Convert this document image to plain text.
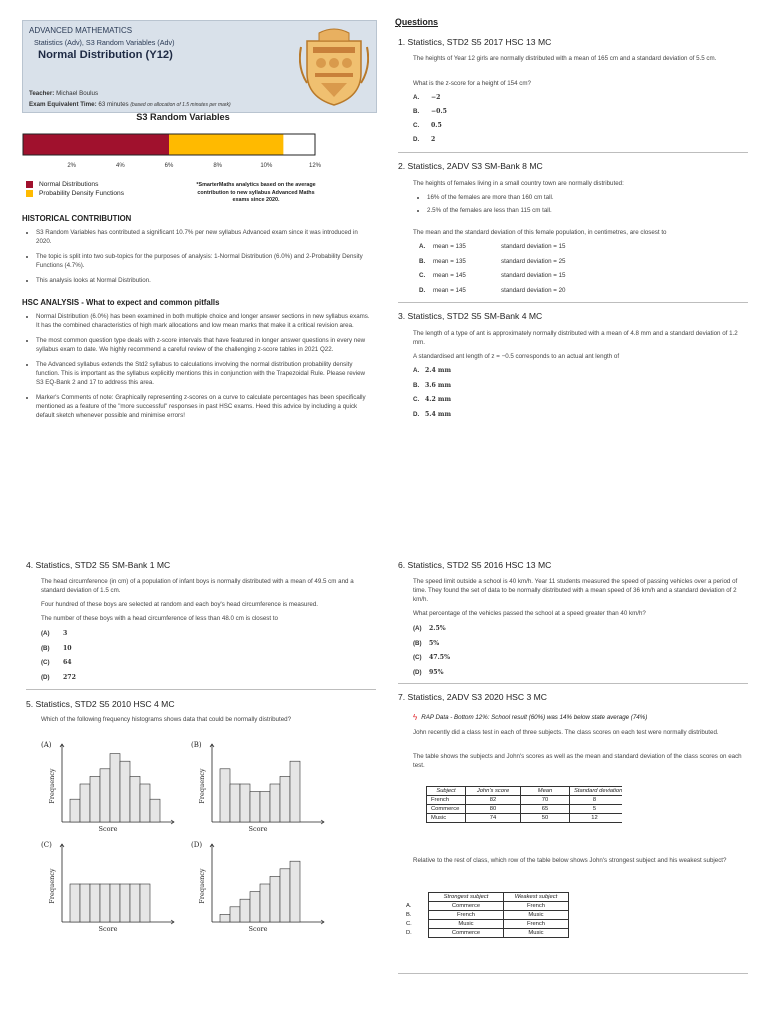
ADVANCED MATHEMATICS
Statistics (Adv), S3 Random Variables (Adv)
Normal Distribution (Y12)
Teacher: Michael Boulus
Exam Equivalent Time: 63 minutes (based on allocation of 1.5 minutes per mark)
S3 Random Variables
2%	4%	6%	8%	10%	12%
Normal Distributions
Probability Density Functions
*SmarterMaths analytics based on the average contribution to new syllabus Advanced Maths exams since 2020.
HISTORICAL CONTRIBUTION
• S3 Random Variables has contributed a significant 10.7% per new syllabus Advanced exam since it was introduced in 2020.
• The topic is split into two sub-topics for the purposes of analysis: 1-Normal Distribution (6.0%) and 2-Probability Density Functions (4.7%).
• This analysis looks at Normal Distribution.
HSC ANALYSIS - What to expect and common pitfalls
• Normal Distribution (6.0%) has been examined in both multiple choice and longer answer sections in new syllabus exams. It has the combined characteristics of high mark allocations and low mean marks that make it a critical revision area.
• The most common question type deals with z-score intervals that have featured in longer answer questions in every new syllabus exam to date. We highly recommend a careful review of the challenging z-score tables in 2021 Q22.
• The Advanced syllabus extends the Std2 syllabus to calculations involving the normal distribution probability density function. This is important as the syllabus explicitly mentions this in conjunction with the Trapezoidal Rule. Please review S3 EQ-Bank 2 and 17 to address this area.
• Marker's Comments of note: Graphically representing z-scores on a curve to calculate percentages has been specifically mentioned as a feature of the "more successful" responses in past HSC exams. Heed this advice by including a quick default sketch whenever possible and minimise errors!
Questions
1. Statistics, STD2 S5 2017 HSC 13 MC
The heights of Year 12 girls are normally distributed with a mean of 165 cm and a standard deviation of 5.5 cm.
What is the z-score for a height of 154 cm?
A.	−2
B.	−0.5
C.	0.5
D.	2
2. Statistics, 2ADV S3 SM-Bank 8 MC
The heights of females living in a small country town are normally distributed:
• 16% of the females are more than 160 cm tall.
• 2.5% of the females are less than 115 cm tall.
The mean and the standard deviation of this female population, in centimetres, are closest to
A.	mean = 135	standard deviation = 15
B.	mean = 135	standard deviation = 25
C.	mean = 145	standard deviation = 15
D.	mean = 145	standard deviation = 20
3. Statistics, STD2 S5 SM-Bank 4 MC
The length of a type of ant is approximately normally distributed with a mean of 4.8 mm and a standard deviation of 1.2 mm.
A standardised ant length of z = −0.5 corresponds to an actual ant length of
A. 2.4 mm
B. 3.6 mm
C. 4.2 mm
D. 5.4 mm
4. Statistics, STD2 S5 SM-Bank 1 MC
The head circumference (in cm) of a population of infant boys is normally distributed with a mean of 49.5 cm and a standard deviation of 1.5 cm.
Four hundred of these boys are selected at random and each boy's head circumference is measured.
The number of these boys with a head circumference of less than 48.0 cm is closest to
(A)	3
(B)	10
(C)	64
(D)	272
5. Statistics, STD2 S5 2010 HSC 4 MC
Which of the following frequency histograms shows data that could be normally distributed?
(A)
Frequency
Score
(B)
Frequency
Score
(C)
Frequency
Score
(D)
Frequency
Score
6. Statistics, STD2 S5 2016 HSC 13 MC
The speed limit outside a school is 40 km/h. Year 11 students measured the speed of passing vehicles over a period of time. They found the set of data to be normally distributed with a mean speed of 36 km/h and a standard deviation of 2 km/h.
What percentage of the vehicles passed the school at a speed greater than 40 km/h?
(A)	2.5%
(B)	5%
(C)	47.5%
(D)	95%
7. Statistics, 2ADV S3 2020 HSC 3 MC
ϟ RAP Data - Bottom 12%: School result (60%) was 14% below state average (74%)
John recently did a class test in each of three subjects. The class scores on each test were normally distributed.
The table shows the subjects and John's scores as well as the mean and standard deviation of the class scores on each test.
Subject	John's score	Mean	Standard deviation
French	82	70	8
Commerce	80	65	5
Music	74	50	12
Relative to the rest of class, which row of the table below shows John's strongest subject and his weakest subject?
	Strongest subject	Weakest subject
A.	Commerce	French
B.	French	Music
C.	Music	French
D.	Commerce	Music
